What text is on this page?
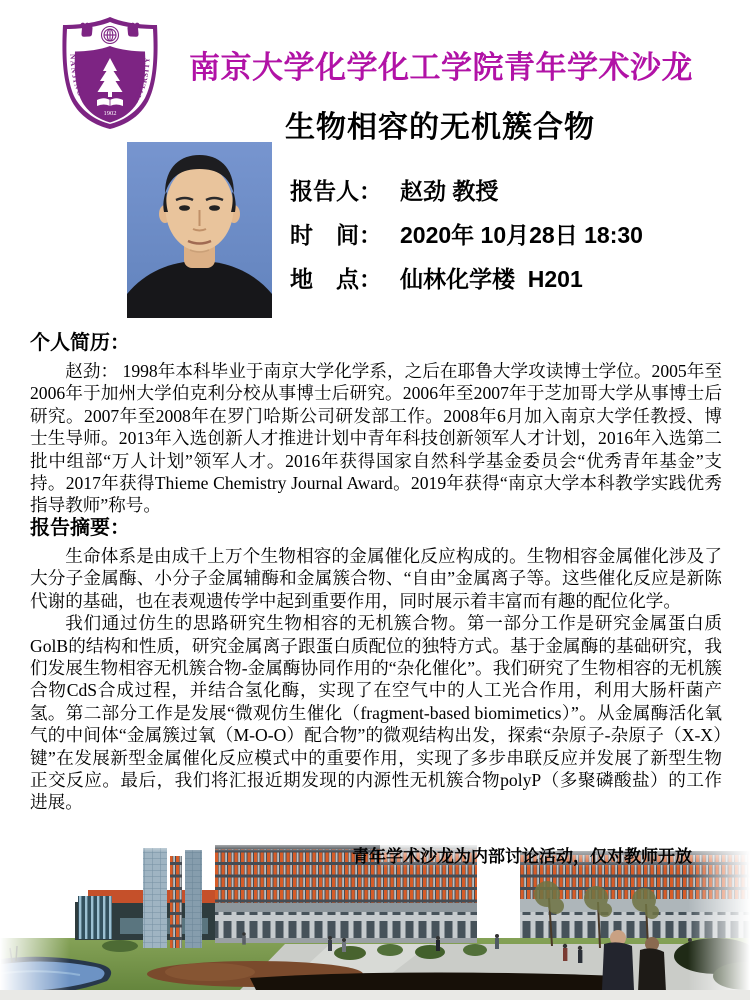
1902
NANJING
UNIVERSITY 南京大学化学化工学院青年学术沙龙
生物相容的无机簇合物
报告人： 赵劲 教授
时　间： 2020年 10月28日 18:30
地　点： 仙林化学楼  H201
个人简历：

赵劲： 1998年本科毕业于南京大学化学系，之后在耶鲁大学攻读博士学位。2005年至2006年于加州大学伯克利分校从事博士后研究。2006年至2007年于芝加哥大学从事博士后研究。2007年至2008年在罗门哈斯公司研发部工作。2008年6月加入南京大学任教授、博士生导师。2013年入选创新人才推进计划中青年科技创新领军人才计划，2016年入选第二批中组部“万人计划”领军人才。2016年获得国家自然科学基金委员会“优秀青年基金”支持。2017年获得Thieme Chemistry Journal Award。2019年获得“南京大学本科教学实践优秀指导教师”称号。

报告摘要：

生命体系是由成千上万个生物相容的金属催化反应构成的。生物相容金属催化涉及了大分子金属酶、小分子金属辅酶和金属簇合物、“自由”金属离子等。这些催化反应是新陈代谢的基础，也在表观遗传学中起到重要作用，同时展示着丰富而有趣的配位化学。

我们通过仿生的思路研究生物相容的无机簇合物。第一部分工作是研究金属蛋白质GolB的结构和性质，研究金属离子跟蛋白质配位的独特方式。基于金属酶的基础研究，我们发展生物相容无机簇合物-金属酶协同作用的“杂化催化”。我们研究了生物相容的无机簇合物CdS合成过程，并结合氢化酶，实现了在空气中的人工光合作用，利用大肠杆菌产氢。第二部分工作是发展“微观仿生催化（fragment-based biomimetics）”。从金属酶活化氧气的中间体“金属簇过氧（M-O-O）配合物”的微观结构出发，探索“杂原子-杂原子（X-X）键”在发展新型金属催化反应模式中的重要作用，实现了多步串联反应并发展了新型生物正交反应。最后，我们将汇报近期发现的内源性无机簇合物polyP（多聚磷酸盐）的工作进展。

青年学术沙龙为内部讨论活动，仅对教师开放
